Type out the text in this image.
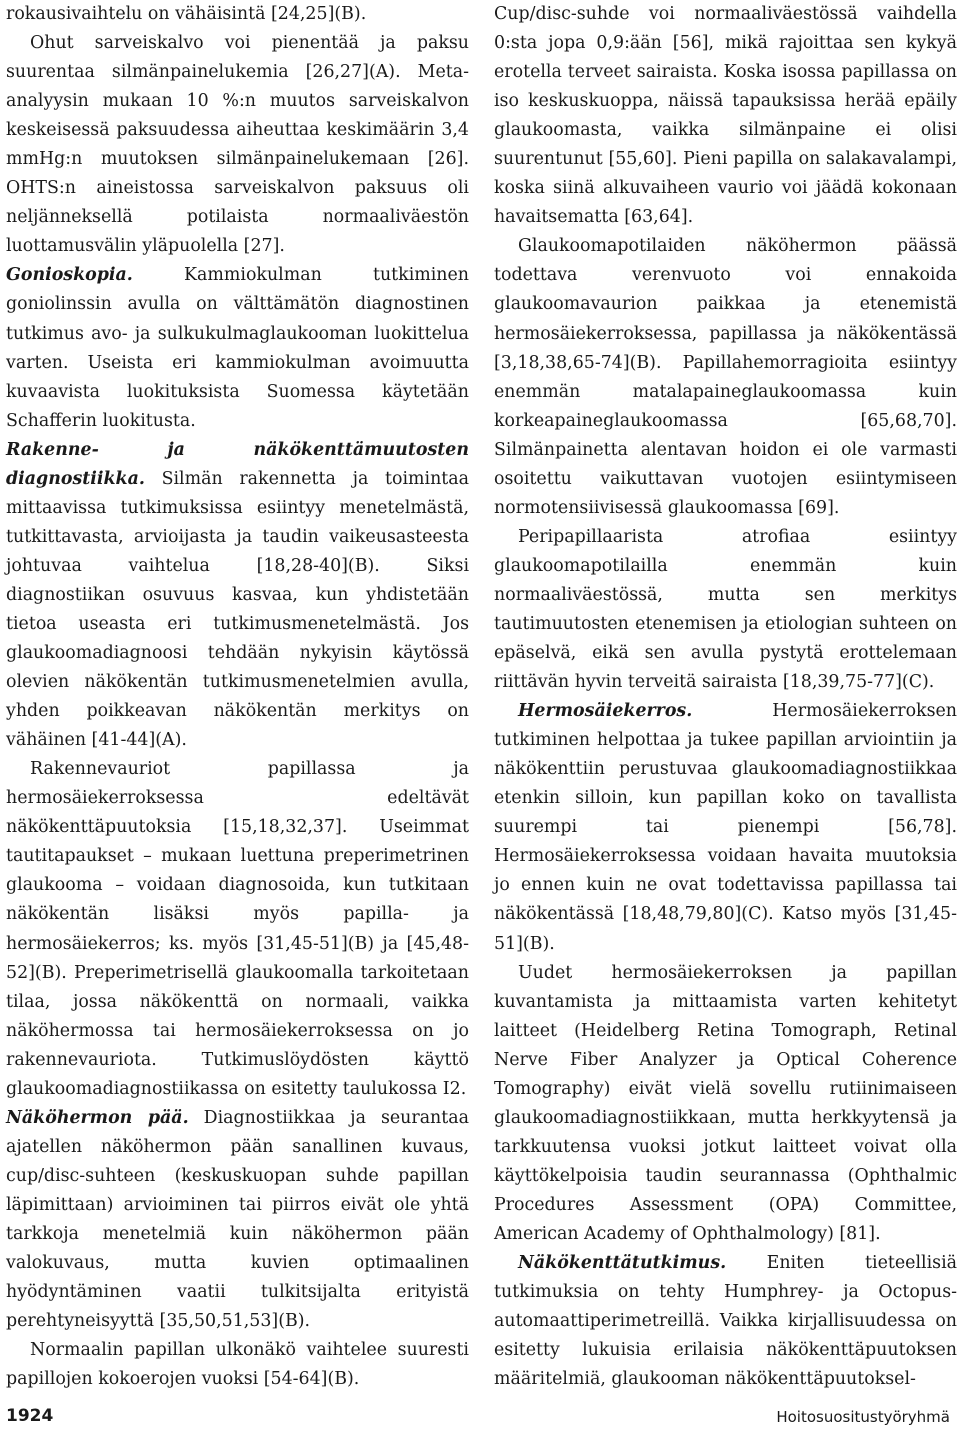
rokausivaihtelu on vähäisintä [24,25](B).

Ohut sarveiskalvo voi pienentää ja paksu suurentaa silmänpainelukemia [26,27](A). Meta-analyysin mukaan 10 %:n muutos sarveiskalvon keskeisessä paksuudessa aiheuttaa keskimäärin 3,4 mmHg:n muutoksen silmänpainelukemaan [26]. OHTS:n aineistossa sarveiskalvon paksuus oli neljänneksellä potilaista normaaliväestön luottamusvälin yläpuolella [27].

Gonioskopia. Kammiokulman tutkiminen goniolinssin avulla on välttämätön diagnostinen tutkimus avo- ja sulkukulmaglaukooman luokittelua varten. Useista eri kammiokulman avoimuutta kuvaavista luokituksista Suomessa käytetään Schafferin luokitusta.

Rakenne- ja näkökenttämuutosten diagnostiikka. Silmän rakennetta ja toimintaa mittaavissa tutkimuksissa esiintyy menetelmästä, tutkittavasta, arvioijasta ja taudin vaikeusasteesta johtuvaa vaihtelua [18,28-40](B). Siksi diagnostiikan osuvuus kasvaa, kun yhdistetään tietoa useasta eri tutkimusmenetelmästä. Jos glaukoomadiagnoosi tehdään nykyisin käytössä olevien näkökentän tutkimusmenetelmien avulla, yhden poikkeavan näkökentän merkitys on vähäinen [41-44](A).

Rakennevauriot papillassa ja hermosäiekerroksessa edeltävät näkökenttäpuutoksia [15,18,32,37]. Useimmat tautitapaukset – mukaan luettuna preperimetrinen glaukooma – voidaan diagnosoida, kun tutkitaan näkökentän lisäksi myös papilla- ja hermosäiekerros; ks. myös [31,45-51](B) ja [45,48-52](B). Preperimetrisellä glaukoomalla tarkoitetaan tilaa, jossa näkökenttä on normaali, vaikka näköhermossa tai hermosäiekerroksessa on jo rakennevauriota. Tutkimuslöydösten käyttö glaukoomadiagnostiikassa on esitetty taulukossa I2.

Näköhermon pää. Diagnostiikkaa ja seurantaa ajatellen näköhermon pään sanallinen kuvaus, cup/disc-suhteen (keskuskuopan suhde papillan läpimittaan) arvioiminen tai piirros eivät ole yhtä tarkkoja menetelmiä kuin näköhermon pään valokuvaus, mutta kuvien optimaalinen hyödyntäminen vaatii tulkitsijalta erityistä perehtyneisyyttä [35,50,51,53](B).

Normaalin papillan ulkonäkö vaihtelee suuresti papillojen kokoerojen vuoksi [54-64](B).

Cup/disc-suhde voi normaaliväestössä vaihdella 0:sta jopa 0,9:ään [56], mikä rajoittaa sen kykyä erotella terveet sairaista. Koska isossa papillassa on iso keskuskuoppa, näissä tapauksissa herää epäily glaukoomasta, vaikka silmänpaine ei olisi suurentunut [55,60]. Pieni papilla on salakavalampi, koska siinä alkuvaiheen vaurio voi jäädä kokonaan havaitsematta [63,64].

Glaukoomapotilaiden näköhermon päässä todettava verenvuoto voi ennakoida glaukoomavaurion paikkaa ja etenemistä hermosäiekerroksessa, papillassa ja näkökentässä [3,18,38,65-74](B). Papillahemorragioita esiintyy enemmän matalapaineglaukoomassa kuin korkeapaineglaukoomassa [65,68,70]. Silmänpainetta alentavan hoidon ei ole varmasti osoitettu vaikuttavan vuotojen esiintymiseen normotensiivisessä glaukoomassa [69].

Peripapillaarista atrofiaa esiintyy glaukoomapotilailla enemmän kuin normaaliväestössä, mutta sen merkitys tautimuutosten etenemisen ja etiologian suhteen on epäselvä, eikä sen avulla pystytä erottelemaan riittävän hyvin terveitä sairaista [18,39,75-77](C).

Hermosäiekerros. Hermosäiekerroksen tutkiminen helpottaa ja tukee papillan arviointiin ja näkökenttiin perustuvaa glaukoomadiagnostiikkaa etenkin silloin, kun papillan koko on tavallista suurempi tai pienempi [56,78]. Hermosäiekerroksessa voidaan havaita muutoksia jo ennen kuin ne ovat todettavissa papillassa tai näkökentässä [18,48,79,80](C). Katso myös [31,45-51](B).

Uudet hermosäiekerroksen ja papillan kuvantamista ja mittaamista varten kehitetyt laitteet (Heidelberg Retina Tomograph, Retinal Nerve Fiber Analyzer ja Optical Coherence Tomography) eivät vielä sovellu rutiinimaiseen glaukoomadiagnostiikkaan, mutta herkkyytensä ja tarkkuutensa vuoksi jotkut laitteet voivat olla käyttökelpoisia taudin seurannassa (Ophthalmic Procedures Assessment (OPA) Committee, American Academy of Ophthalmology) [81].

Näkökenttätutkimus. Eniten tieteellisiä tutkimuksia on tehty Humphrey- ja Octopus-automaattiperimetreillä. Vaikka kirjallisuudessa on esitetty lukuisia erilaisia näkökenttäpuutoksen määritelmiä, glaukooman näkökenttäpuutoksel-

1924	Hoitosuositustyöryhmä
